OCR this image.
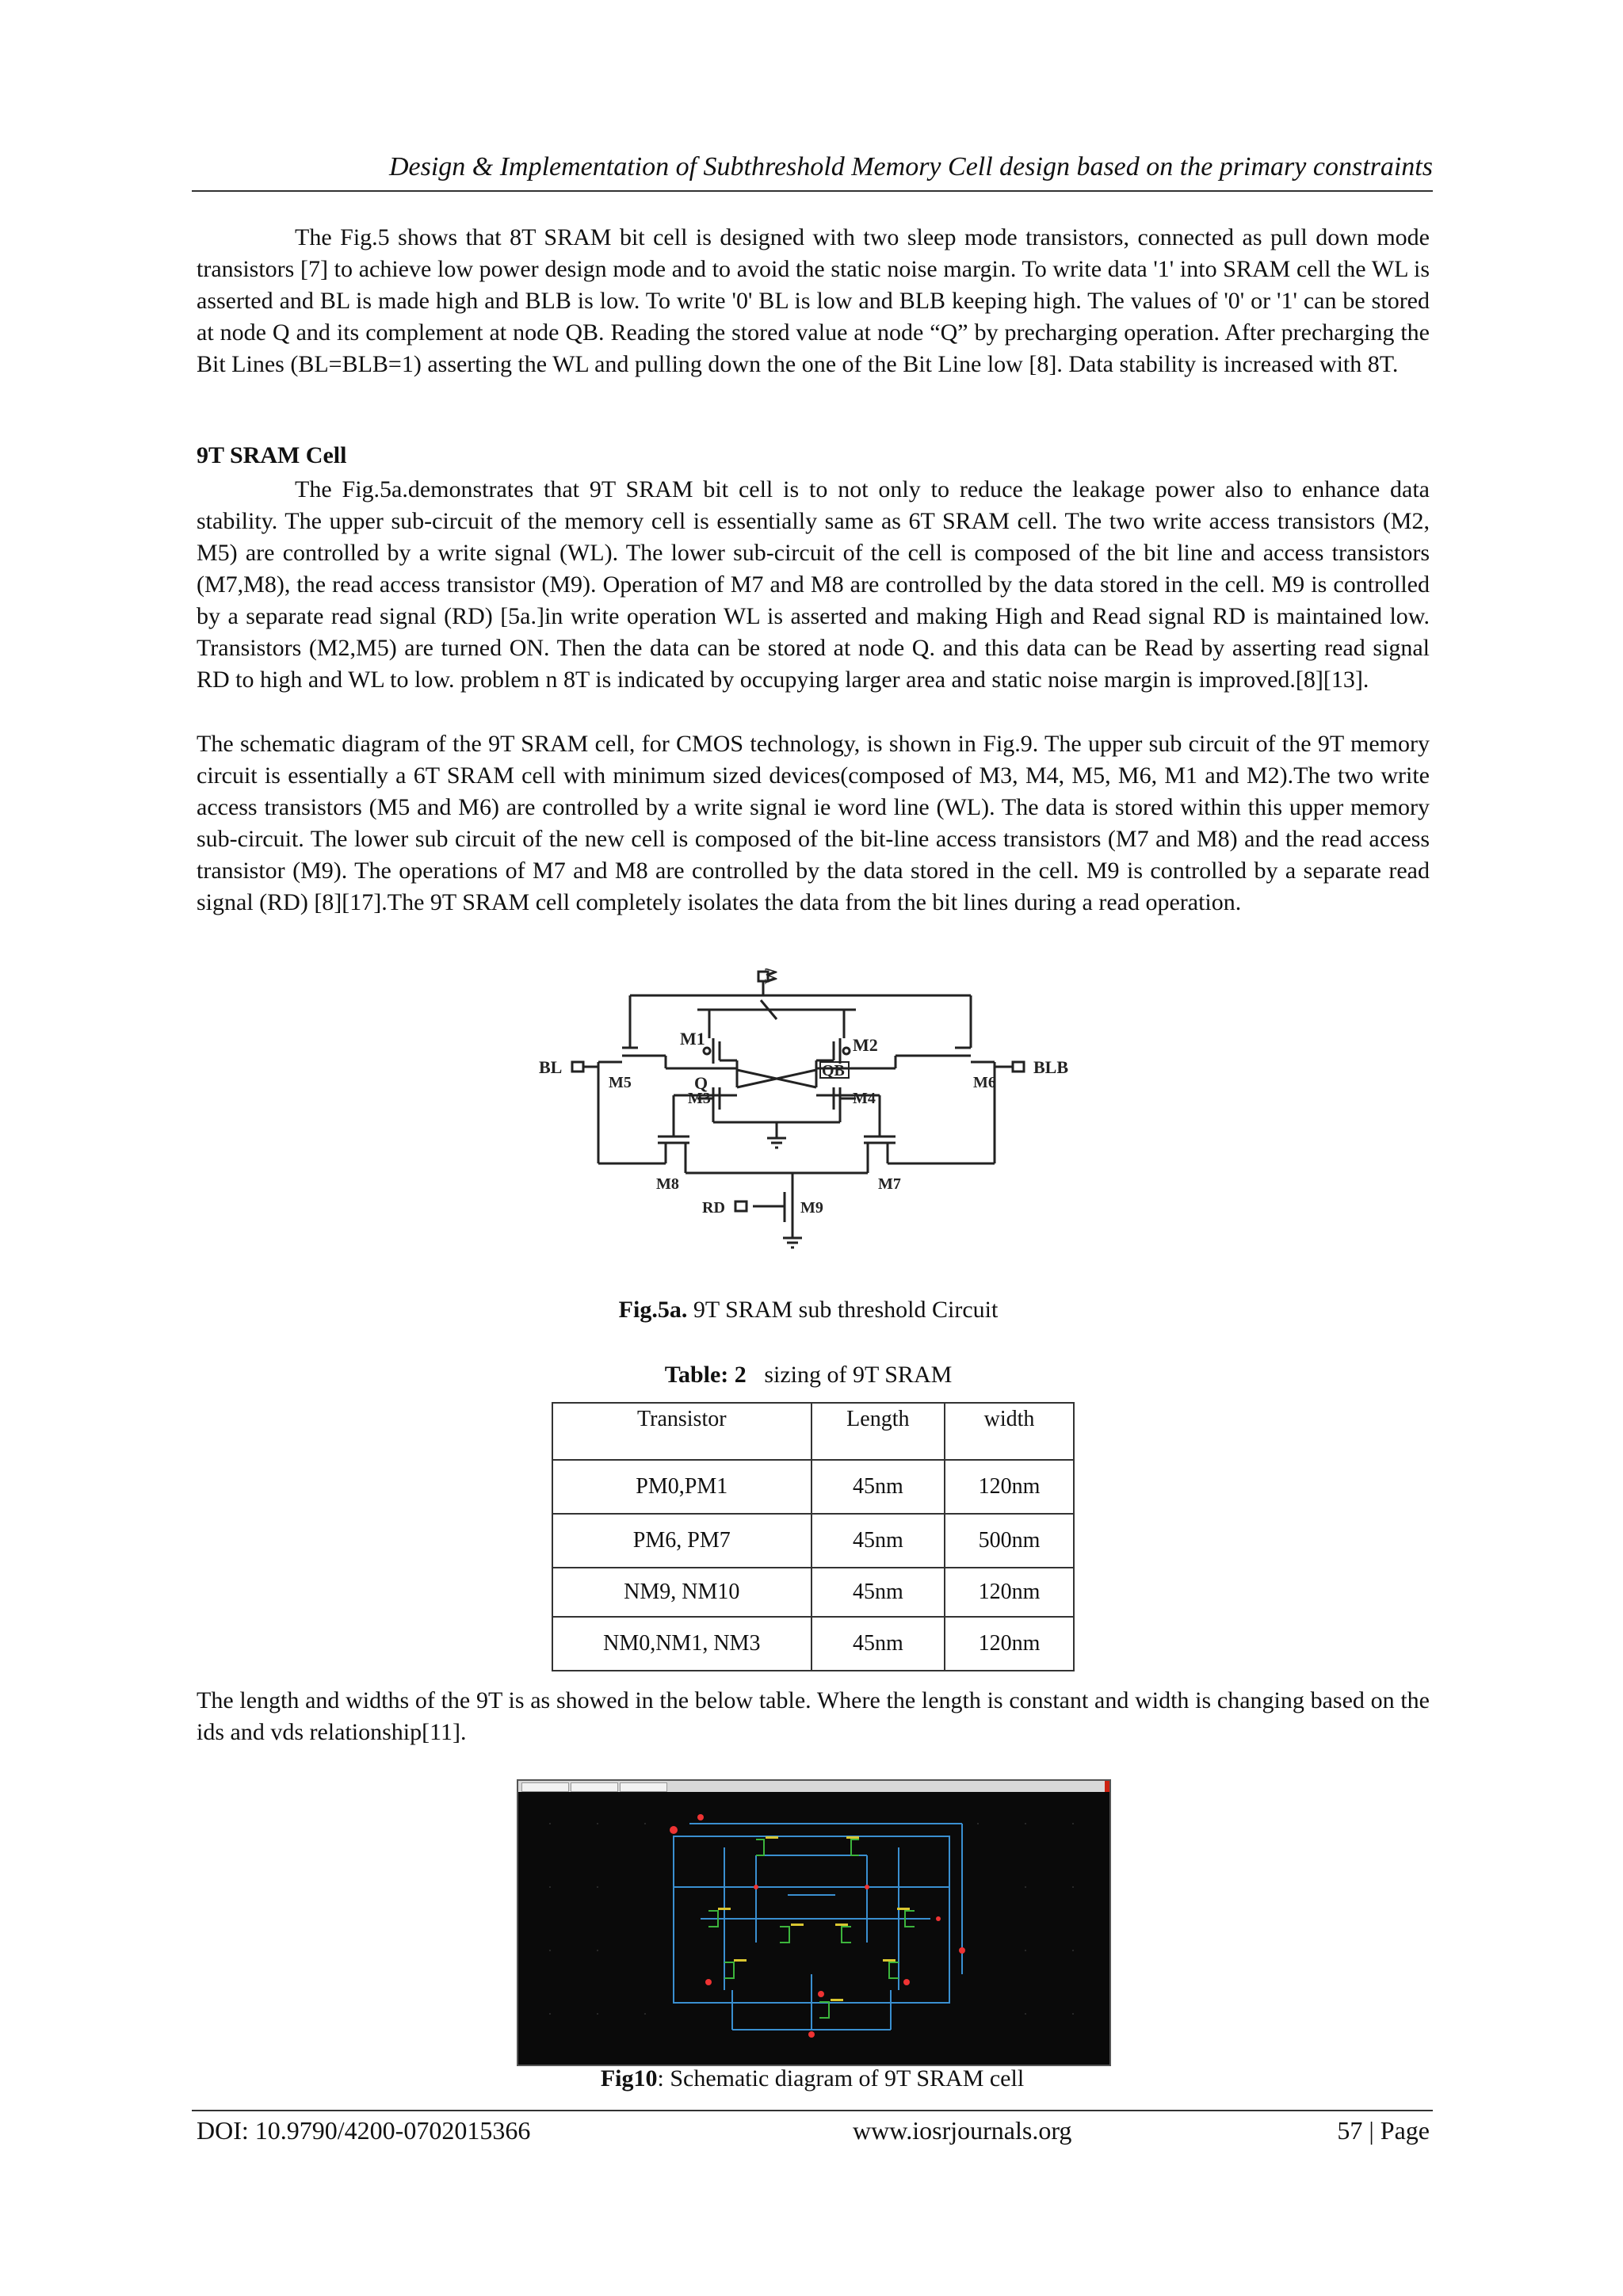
Design & Implementation of Subthreshold Memory Cell design based on the primary constraints

The Fig.5 shows that 8T SRAM bit cell is designed with two sleep mode transistors, connected as pull down mode transistors [7] to achieve low power design mode and to avoid the static noise margin. To write data '1' into SRAM cell the WL is asserted and BL is made high and BLB is low. To write '0' BL is low and BLB keeping high. The values of '0' or '1' can be stored at node Q and its complement at node QB. Reading the stored value at node “Q” by precharging operation. After precharging the Bit Lines (BL=BLB=1) asserting the WL and pulling down the one of the Bit Line low [8]. Data stability is increased with 8T.

9T SRAM Cell

The Fig.5a.demonstrates that 9T SRAM bit cell is to not only to reduce the leakage power also to enhance data stability. The upper sub-circuit of the memory cell is essentially same as 6T SRAM cell. The two write access transistors (M2, M5) are controlled by a write signal (WL). The lower sub-circuit of the cell is composed of the bit line and access transistors (M7,M8), the read access transistor (M9). Operation of M7 and M8 are controlled by the data stored in the cell. M9 is controlled by a separate read signal (RD) [5a.]in write operation WL is asserted and making High and Read signal RD is maintained low. Transistors (M2,M5) are turned ON. Then the data can be stored at node Q. and this data can be Read by asserting read signal RD to high and WL to low. problem n 8T is indicated by occupying larger area and static noise margin is improved.[8][13].

The schematic diagram of the 9T SRAM cell, for CMOS technology, is shown in Fig.9. The upper sub circuit of the 9T memory circuit is essentially a 6T SRAM cell with minimum sized devices(composed of M3, M4, M5, M6, M1 and M2).The two write access transistors (M5 and M6) are controlled by a write signal ie word line (WL). The data is stored within this upper memory sub-circuit. The lower sub circuit of the new cell is composed of the bit-line access transistors (M7 and M8) and the read access transistor (M9). The operations of M7 and M8 are controlled by the data stored in the cell. M9 is controlled by a separate read signal (RD) [8][17].The 9T SRAM cell completely isolates the data from the bit lines during a read operation.

WL
M1	M2
QB
Q
M3	M4
BL
M5
BLB
M6
M8	M7
M9
RD
Fig.5a. 9T SRAM sub threshold Circuit
Table: 2   sizing of 9T SRAM
Transistor	Length	width
PM0,PM1	45nm	120nm
PM6, PM7	45nm	500nm
NM9, NM10	45nm	120nm
NM0,NM1, NM3	45nm	120nm

The length and widths of the 9T is as showed in the below table. Where the length is constant and width is changing based on the ids and vds relationship[11].

Fig10: Schematic diagram of 9T SRAM cell
DOI: 10.9790/4200-0702015366	www.iosrjournals.org	57 | Page
